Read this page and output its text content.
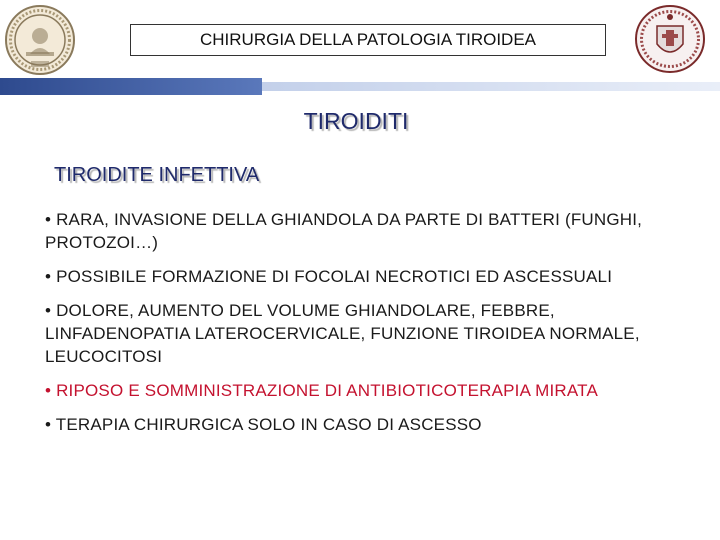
CHIRURGIA DELLA PATOLOGIA TIROIDEA
TIROIDITI
TIROIDITE INFETTIVA
• RARA, INVASIONE DELLA GHIANDOLA DA PARTE DI BATTERI (FUNGHI, PROTOZOI…)
• POSSIBILE FORMAZIONE DI FOCOLAI NECROTICI ED ASCESSUALI
• DOLORE, AUMENTO DEL VOLUME GHIANDOLARE, FEBBRE, LINFADENOPATIA LATEROCERVICALE, FUNZIONE TIROIDEA NORMALE, LEUCOCITOSI
• RIPOSO E SOMMINISTRAZIONE DI ANTIBIOTICOTERAPIA MIRATA
• TERAPIA CHIRURGICA SOLO IN CASO DI ASCESSO
